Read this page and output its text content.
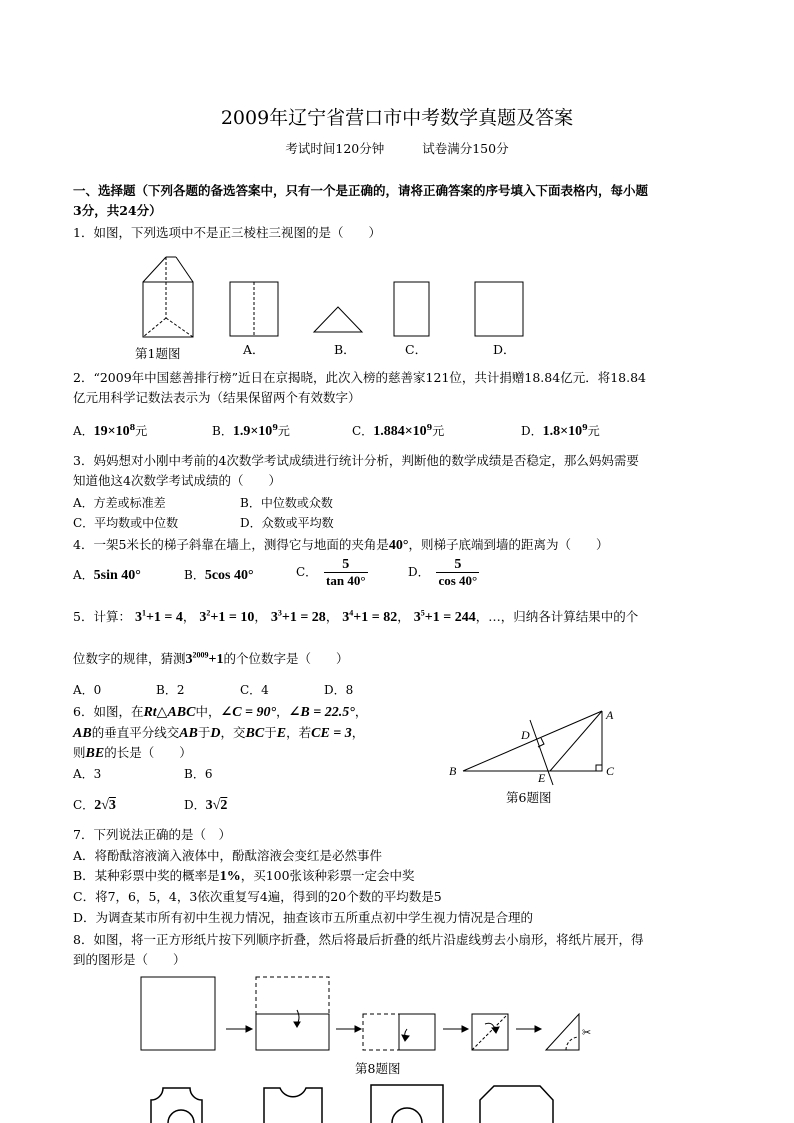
2009年辽宁省营口市中考数学真题及答案
考试时间120分钟	试卷满分150分
一、选择题（下列各题的备选答案中，只有一个是正确的，请将正确答案的序号填入下面表格内，每小题
3分，共24分）
1．如图，下列选项中不是正三棱柱三视图的是（　　）
第1题图	A．	B．	C．	D．
2．“2009年中国慈善排行榜”近日在京揭晓，此次入榜的慈善家121位，共计捐赠18.84亿元．将18.84
亿元用科学记数法表示为（结果保留两个有效数字）
A．$19\times 10^8$元	B．$1.9\times 10^9$元	C．$1.884\times 10^9$元	D．$1.8\times 10^9$元
3．妈妈想对小刚中考前的4次数学考试成绩进行统计分析，判断他的数学成绩是否稳定，那么妈妈需要
知道他这4次数学考试成绩的（　　）
A．方差或标准差	B．中位数或众数
C．平均数或中位数	D．众数或平均数
4．一架5米长的梯子斜靠在墙上，测得它与地面的夹角是40°，则梯子底端到墙的距离为（　　）
A．5sin 40°	B．5cos 40°	C． $\frac{5}{\tan 40^\circ}$	D． $\frac{5}{\cos 40^\circ}$
5．计算： $3^1+1 = 4$， $3^2+1 = 10$， $3^3+1 = 28$， $3^4+1 = 82$， $3^5+1 = 244$，…，归纳各计算结果中的个
位数字的规律，猜测$3^{2009}+1$的个位数字是（　　）
A．0	B．2	C．4	D．8
6．如图，在Rt△ABC中，∠C = 90°，∠B = 22.5°，
AB的垂直平分线交AB于D，交BC于E，若CE = 3，
则BE的长是（　　）
A．3	B．6
C．2√3	D．3√2
A
B	C
D
E
第6题图
7．下列说法正确的是（　）
A．将酚酞溶液滴入液体中，酚酞溶液会变红是必然事件
B．某种彩票中奖的概率是1%，买100张该种彩票一定会中奖
C．将7，6，5，4，3依次重复写4遍，得到的20个数的平均数是5
D．为调查某市所有初中生视力情况，抽查该市五所重点初中学生视力情况是合理的
8．如图，将一正方形纸片按下列顺序折叠，然后将最后折叠的纸片沿虚线剪去小扇形，将纸片展开，得
到的图形是（　　）
✂
第8题图
